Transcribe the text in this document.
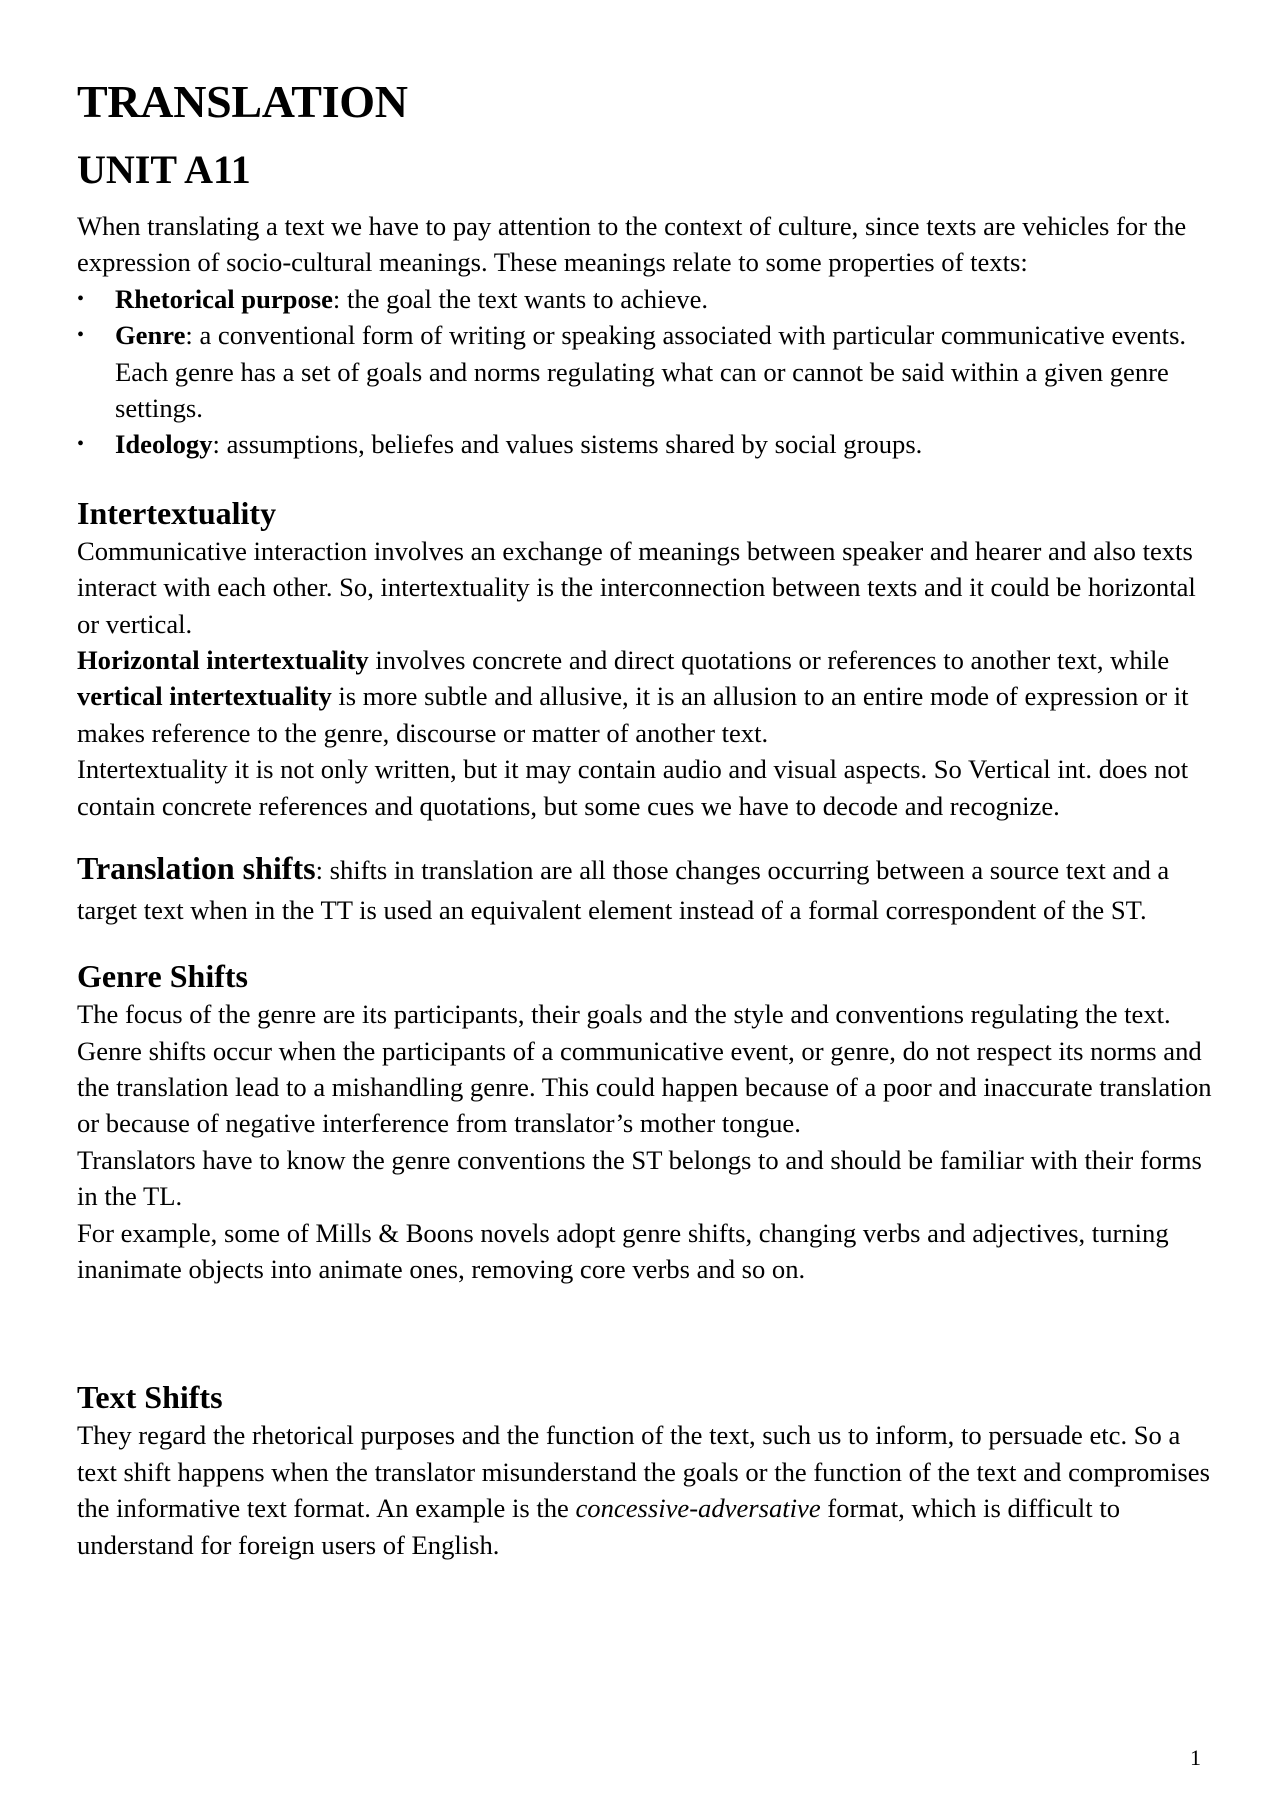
TRANSLATION
UNIT A11

When translating a text we have to pay attention to the context of culture, since texts are vehicles for the expression of socio-cultural meanings. These meanings relate to some properties of texts:

• Rhetorical purpose: the goal the text wants to achieve.
• Genre: a conventional form of writing or speaking associated with particular communicative events. Each genre has a set of goals and norms regulating what can or cannot be said within a given genre settings.
• Ideology: assumptions, beliefes and values sistems shared by social groups.
Intertextuality

Communicative interaction involves an exchange of meanings between speaker and hearer and also texts interact with each other. So, intertextuality is the interconnection between texts and it could be horizontal or vertical.

Horizontal intertextuality involves concrete and direct quotations or references to another text, while vertical intertextuality is more subtle and allusive, it is an allusion to an entire mode of expression or it makes reference to the genre, discourse or matter of another text.

Intertextuality it is not only written, but it may contain audio and visual aspects. So Vertical int. does not contain concrete references and quotations, but some cues we have to decode and recognize.

Translation shifts: shifts in translation are all those changes occurring between a source text and a target text when in the TT is used an equivalent element instead of a formal correspondent of the ST.

Genre Shifts

The focus of the genre are its participants, their goals and the style and conventions regulating the text. Genre shifts occur when the participants of a communicative event, or genre, do not respect its norms and the translation lead to a mishandling genre. This could happen because of a poor and inaccurate translation or because of negative interference from translator’s mother tongue.

Translators have to know the genre conventions the ST belongs to and should be familiar with their forms in the TL.

For example, some of Mills & Boons novels adopt genre shifts, changing verbs and adjectives, turning inanimate objects into animate ones, removing core verbs and so on.

Text Shifts

They regard the rhetorical purposes and the function of the text, such us to inform, to persuade etc. So a text shift happens when the translator misunderstand the goals or the function of the text and compromises the informative text format. An example is the concessive-adversative format, which is difficult to understand for foreign users of English.

1
